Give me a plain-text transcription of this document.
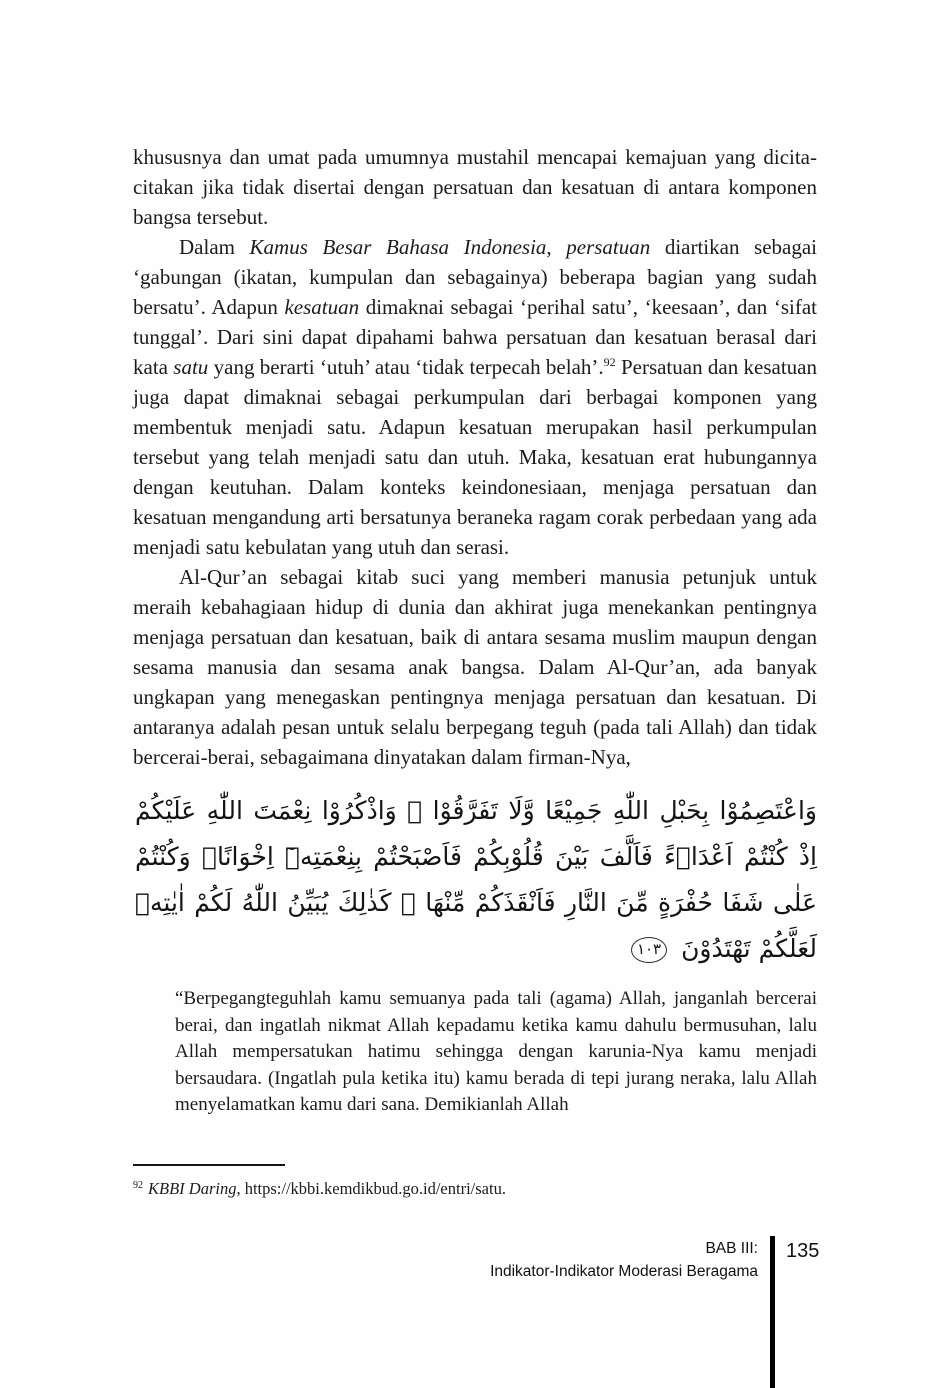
khususnya dan umat pada umumnya mustahil mencapai kemajuan yang dicita-citakan jika tidak disertai dengan persatuan dan kesatuan di antara komponen bangsa tersebut.

Dalam Kamus Besar Bahasa Indonesia, persatuan diartikan sebagai ‘gabungan (ikatan, kumpulan dan sebagainya) beberapa bagian yang sudah bersatu’. Adapun kesatuan dimaknai sebagai ‘perihal satu’, ‘keesaan’, dan ‘sifat tunggal’. Dari sini dapat dipahami bahwa persatuan dan kesatuan berasal dari kata satu yang berarti ‘utuh’ atau ‘tidak terpecah belah’.$^{92}$ Persatuan dan kesatuan juga dapat dimaknai sebagai perkumpulan dari berbagai komponen yang membentuk menjadi satu. Adapun kesatuan merupakan hasil perkumpulan tersebut yang telah menjadi satu dan utuh. Maka, kesatuan erat hubungannya dengan keutuhan. Dalam konteks keindonesiaan, menjaga persatuan dan kesatuan mengandung arti bersatunya beraneka ragam corak perbedaan yang ada menjadi satu kebulatan yang utuh dan serasi.

Al-Qur’an sebagai kitab suci yang memberi manusia petunjuk untuk meraih kebahagiaan hidup di dunia dan akhirat juga menekankan pentingnya menjaga persatuan dan kesatuan, baik di antara sesama muslim maupun dengan sesama manusia dan sesama anak bangsa. Dalam Al-Qur’an, ada banyak ungkapan yang menegaskan pentingnya menjaga persatuan dan kesatuan. Di antaranya adalah pesan untuk selalu berpegang teguh (pada tali Allah) dan tidak bercerai-berai, sebagaimana dinyatakan dalam firman-Nya,

وَاعْتَصِمُوْا بِحَبْلِ اللّٰهِ جَمِيْعًا وَّلَا تَفَرَّقُوْا ۖ وَاذْكُرُوْا نِعْمَتَ اللّٰهِ عَلَيْكُمْ اِذْ كُنْتُمْ اَعْدَاۤءً فَاَلَّفَ بَيْنَ قُلُوْبِكُمْ فَاَصْبَحْتُمْ بِنِعْمَتِهٖٓ اِخْوَانًاۚ وَكُنْتُمْ عَلٰى شَفَا حُفْرَةٍ مِّنَ النَّارِ فَاَنْقَذَكُمْ مِّنْهَا ۗ كَذٰلِكَ يُبَيِّنُ اللّٰهُ لَكُمْ اٰيٰتِهٖ لَعَلَّكُمْ تَهْتَدُوْنَ ١٠٣
“Berpegangteguhlah kamu semuanya pada tali (agama) Allah, janganlah bercerai berai, dan ingatlah nikmat Allah kepadamu ketika kamu dahulu bermusuhan, lalu Allah mempersatukan hatimu sehingga dengan karunia-Nya kamu menjadi bersaudara. (Ingatlah pula ketika itu) kamu berada di tepi jurang neraka, lalu Allah menyelamatkan kamu dari sana. Demikianlah Allah
$^{92}$ KBBI Daring, https://kbbi.kemdikbud.go.id/entri/satu.
BAB III:
Indikator-Indikator Moderasi Beragama
135
